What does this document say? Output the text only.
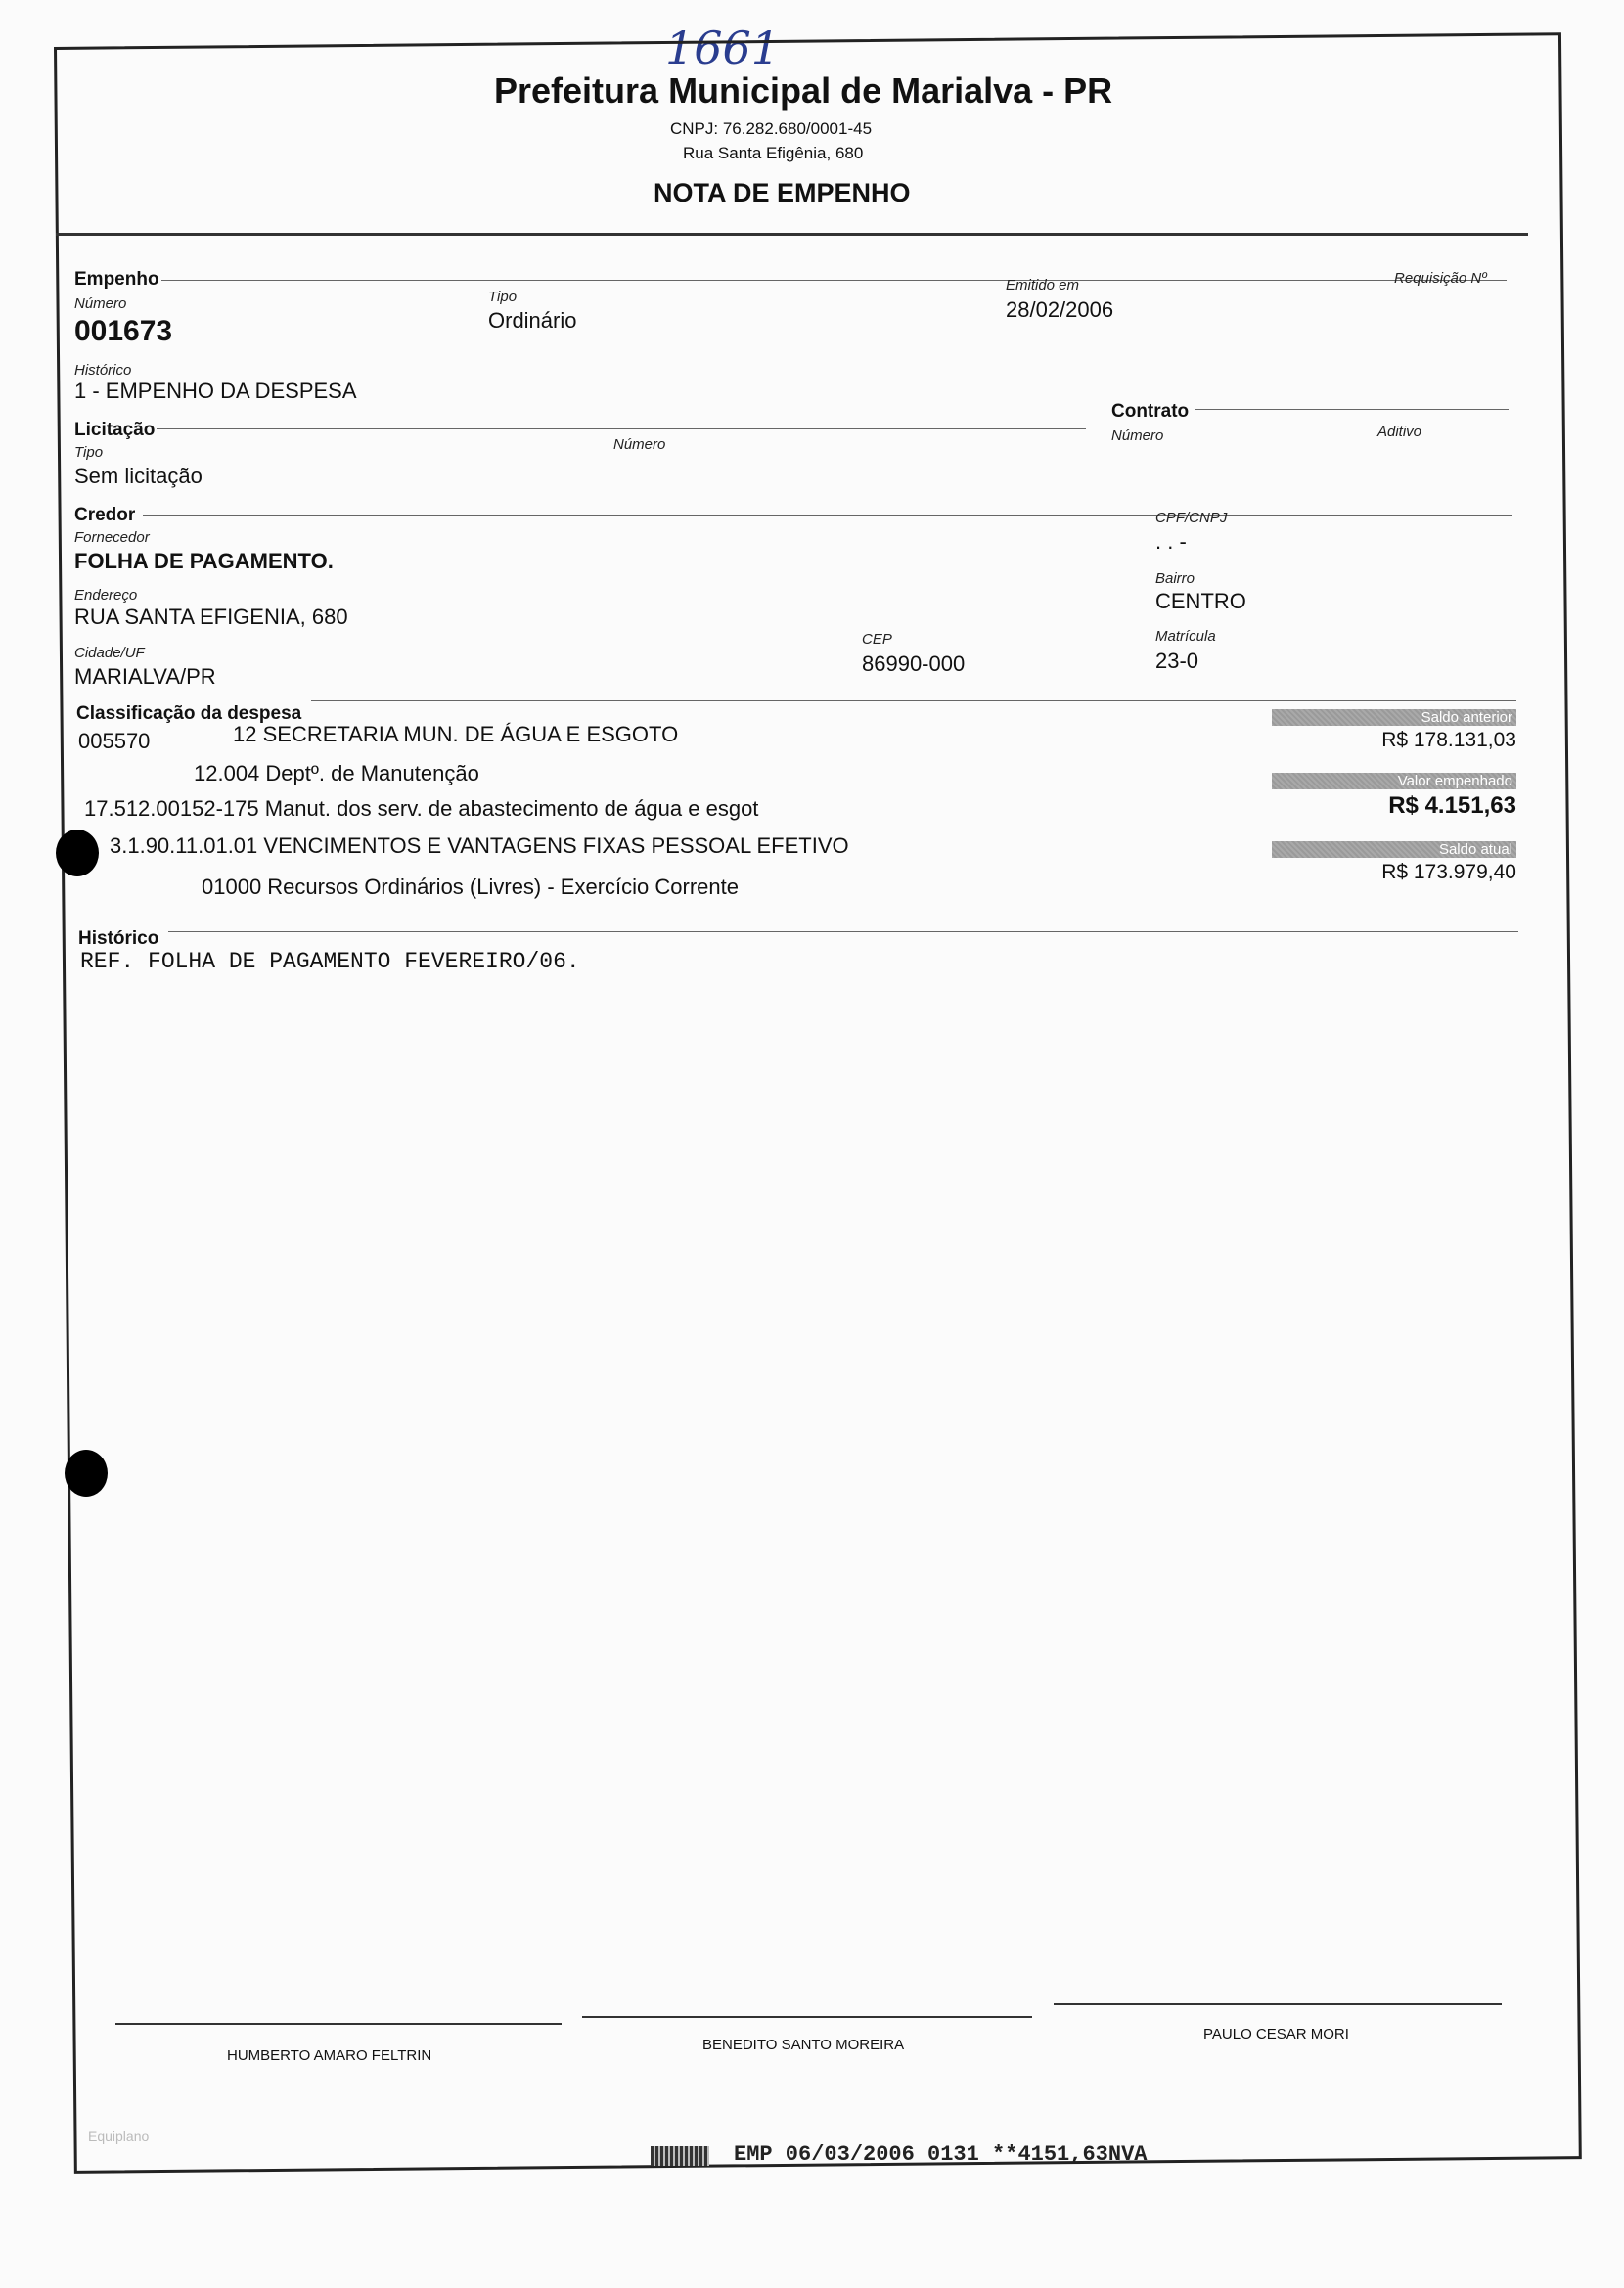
1661
Prefeitura Municipal de Marialva - PR
CNPJ: 76.282.680/0001-45
Rua Santa Efigênia, 680
NOTA DE EMPENHO
Empenho
Número
001673
Tipo
Ordinário
Emitido em
28/02/2006
Requisição Nº
Histórico
1 - EMPENHO DA DESPESA
Contrato
Número	Aditivo
Licitação
Tipo
Sem licitação
Número
Credor	CPF/CNPJ
. . -
Fornecedor
FOLHA DE PAGAMENTO.
Bairro
CENTRO
Endereço
RUA SANTA EFIGENIA, 680
Matrícula
23-0
CEP
86990-000
Cidade/UF
MARIALVA/PR
Classificação da despesa
005570	12 SECRETARIA MUN. DE ÁGUA E ESGOTO
12.004 Deptº. de Manutenção
17.512.00152-175 Manut. dos serv. de abastecimento de água e esgot
3.1.90.11.01.01 VENCIMENTOS E VANTAGENS FIXAS PESSOAL EFETIVO
01000 Recursos Ordinários (Livres) - Exercício Corrente
Saldo anterior
R$ 178.131,03
Valor empenhado
R$ 4.151,63
Saldo atual
R$ 173.979,40
Histórico
REF. FOLHA DE PAGAMENTO FEVEREIRO/06.
HUMBERTO AMARO FELTRIN
BENEDITO SANTO MOREIRA
PAULO CESAR MORI
Equiplano
EMP 06/03/2006 0131 **4151,63NVA
